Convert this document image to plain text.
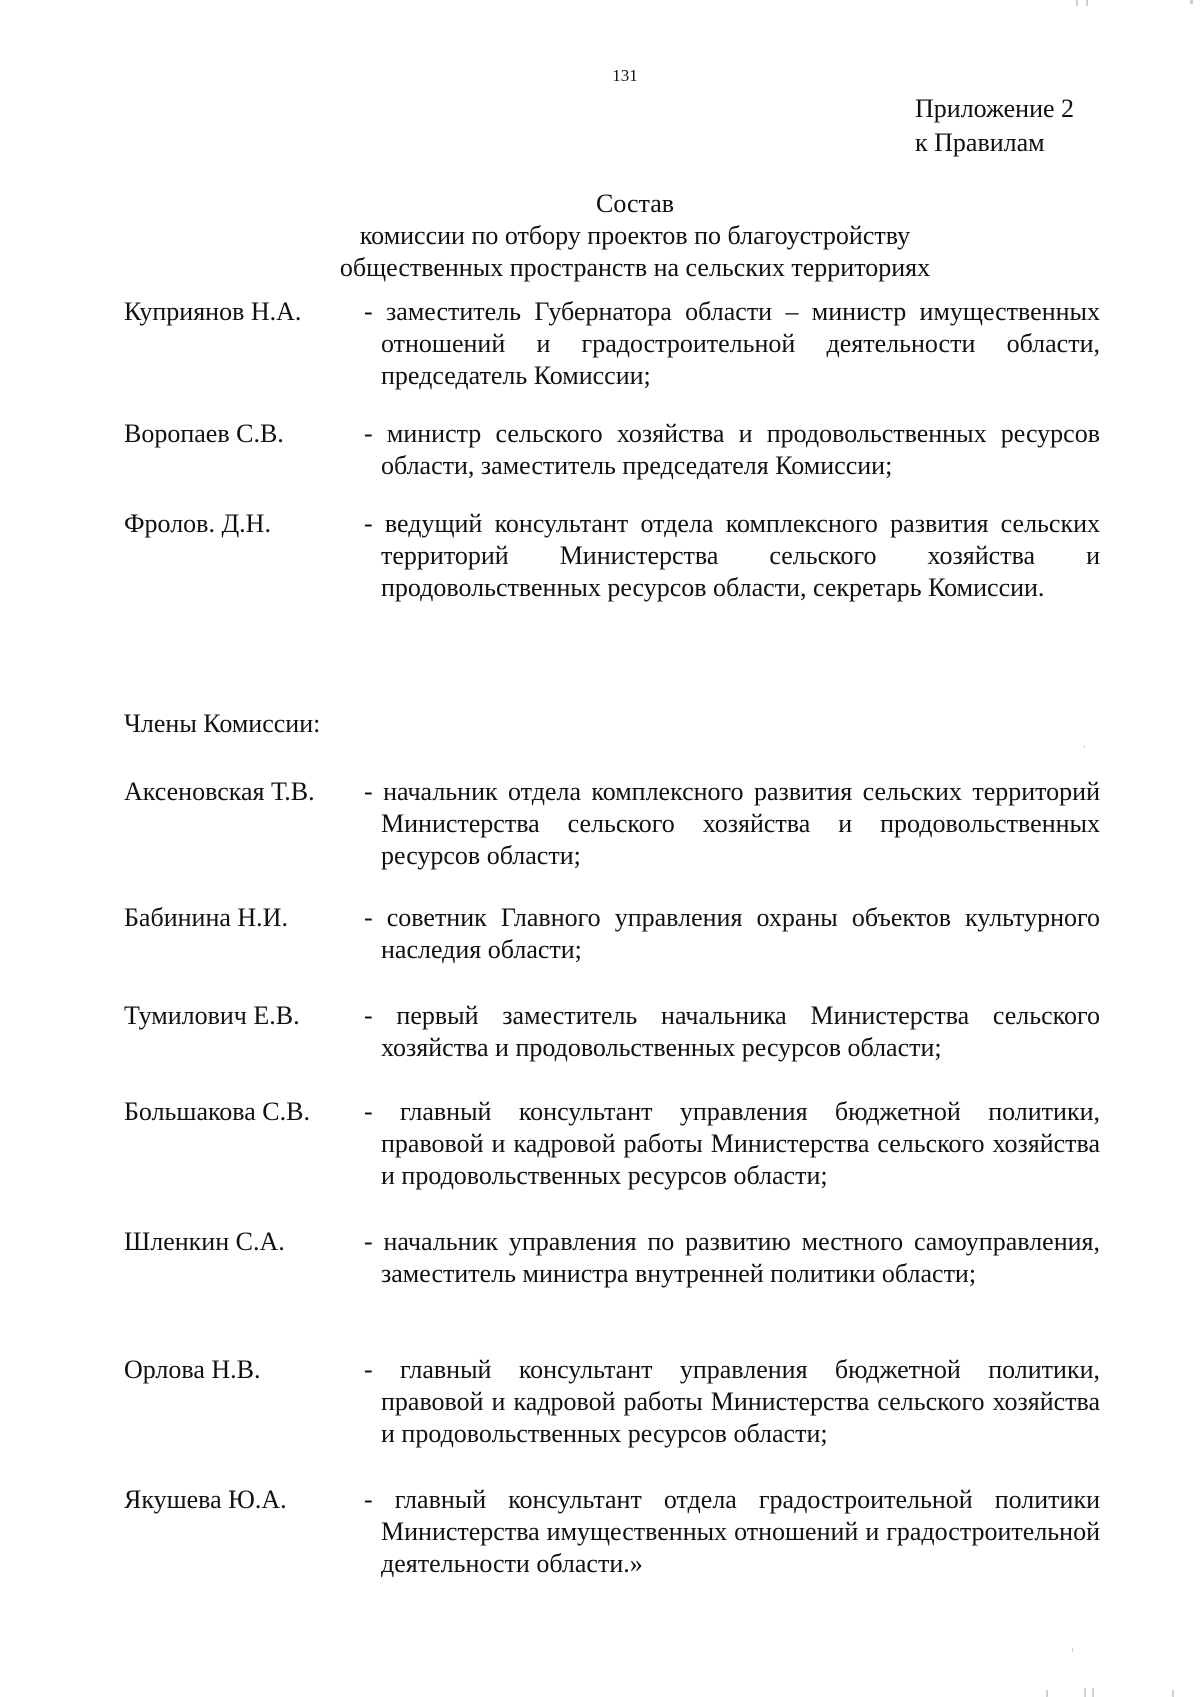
131
Приложение 2
к Правилам
Состав
комиссии по отбору проектов по благоустройству
общественных пространств на сельских территориях
Куприянов Н.А. - заместитель Губернатора области – министр имущественных отношений и градостроительной деятельности области, председатель Комиссии;
Воропаев С.В.	- министр сельского хозяйства и продовольственных ресурсов области, заместитель председателя Комиссии;
Фролов. Д.Н.	- ведущий консультант отдела комплексного развития сельских территорий Министерства сельского хозяйства и продовольственных ресурсов области, секретарь Комиссии.
Члены Комиссии:
Аксеновская Т.В. - начальник отдела комплексного развития сельских территорий Министерства сельского хозяйства и продовольственных ресурсов области;
Бабинина Н.И.	- советник Главного управления охраны объектов культурного наследия области;
Тумилович Е.В. - первый заместитель начальника Министерства сельского хозяйства и продовольственных ресурсов области;
Большакова С.В. - главный консультант управления бюджетной политики, правовой и кадровой работы Министерства сельского хозяйства и продовольственных ресурсов области;
Шленкин С.А.	- начальник управления по развитию местного самоуправления, заместитель министра внутренней политики области;
Орлова Н.В.	- главный консультант управления бюджетной политики, правовой и кадровой работы Министерства сельского хозяйства и продовольственных ресурсов области;
Якушева Ю.А.	- главный консультант отдела градостроительной политики Министерства имущественных отношений и градостроительной деятельности области.»
